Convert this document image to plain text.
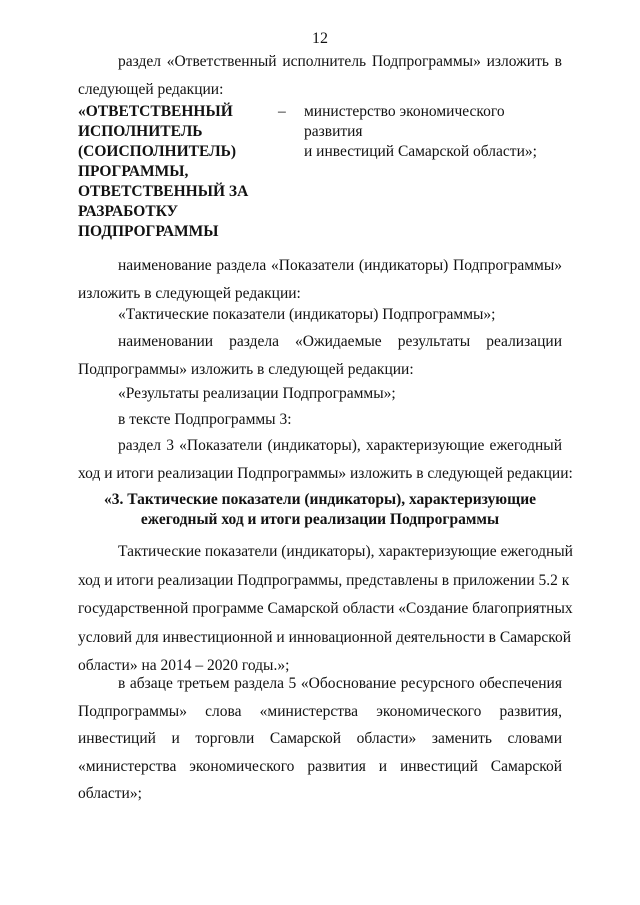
12
раздел «Ответственный исполнитель Подпрограммы» изложить в
следующей редакции:
«ОТВЕТСТВЕННЫЙ
ИСПОЛНИТЕЛЬ
(СОИСПОЛНИТЕЛЬ)
ПРОГРАММЫ,
ОТВЕТСТВЕННЫЙ ЗА
РАЗРАБОТКУ
ПОДПРОГРАММЫ
– министерство экономического развития
и инвестиций Самарской области»;
наименование раздела «Показатели (индикаторы) Подпрограммы»
изложить в следующей редакции:
«Тактические показатели (индикаторы) Подпрограммы»;
наименовании раздела «Ожидаемые результаты реализации
Подпрограммы» изложить в следующей редакции:
«Результаты реализации Подпрограммы»;
в тексте Подпрограммы 3:
раздел 3 «Показатели (индикаторы), характеризующие ежегодный
ход и итоги реализации Подпрограммы» изложить в следующей редакции:
«3. Тактические показатели (индикаторы), характеризующие
ежегодный ход и итоги реализации Подпрограммы
Тактические показатели (индикаторы), характеризующие ежегодный
ход и итоги реализации Подпрограммы, представлены в приложении 5.2 к
государственной программе Самарской области «Создание благоприятных
условий для инвестиционной и инновационной деятельности в Самарской
области» на 2014 – 2020 годы.»;
в абзаце третьем раздела 5 «Обоснование ресурсного обеспечения
Подпрограммы» слова «министерства экономического развития,
инвестиций и торговли Самарской области» заменить словами
«министерства экономического развития и инвестиций Самарской
области»;
